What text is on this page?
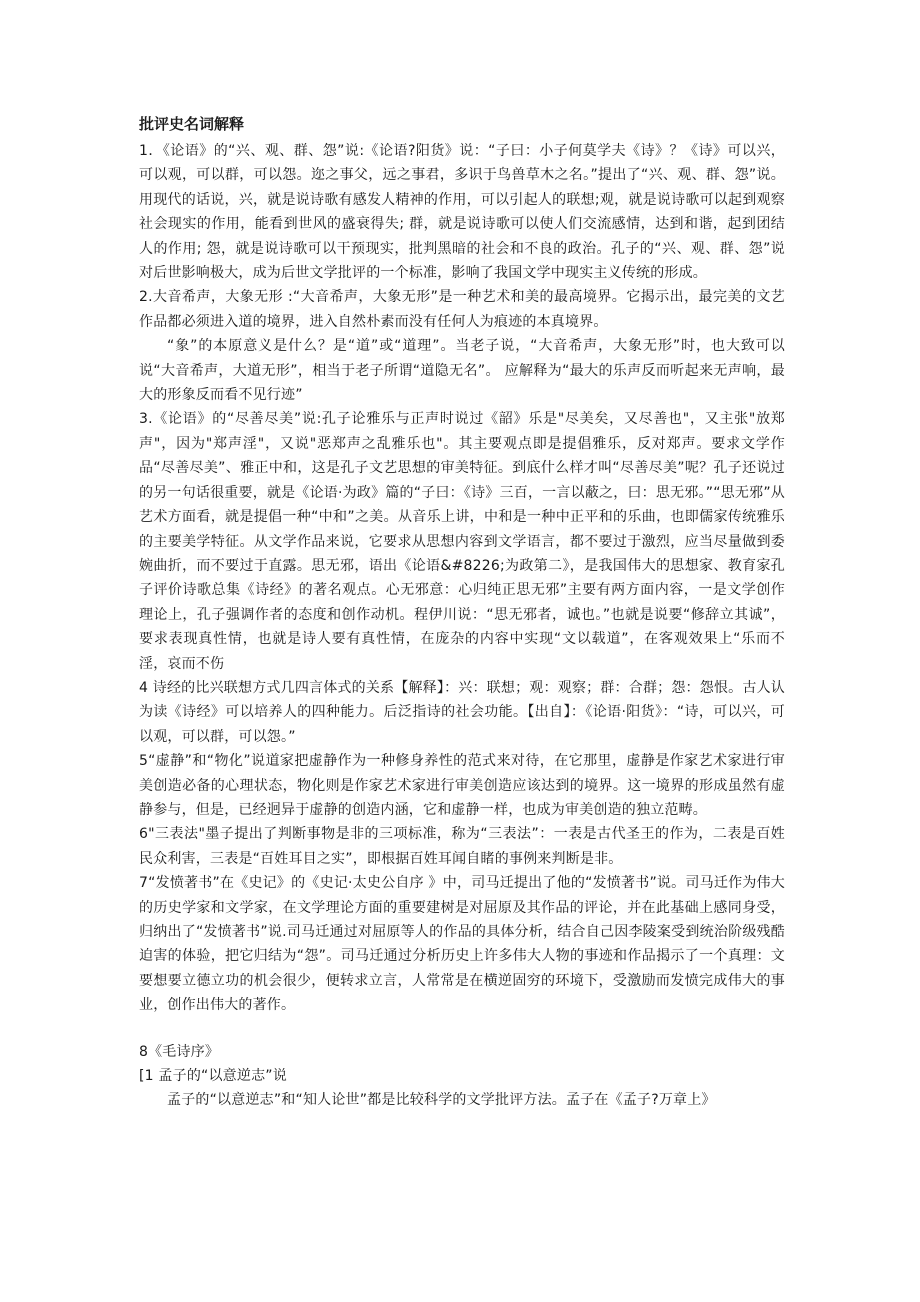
批评史名词解释

1．《论语》的“兴、观、群、怨”说:《论语?阳货》说：“子曰：小子何莫学夫《诗》？《诗》可以兴，可以观，可以群，可以怨。迩之事父，远之事君，多识于鸟兽草木之名。”提出了“兴、观、群、怨”说。用现代的话说，兴，就是说诗歌有感发人精神的作用，可以引起人的联想;观，就是说诗歌可以起到观察社会现实的作用，能看到世风的盛衰得失; 群，就是说诗歌可以使人们交流感情，达到和谐，起到团结人的作用; 怨，就是说诗歌可以干预现实，批判黑暗的社会和不良的政治。孔子的“兴、观、群、怨”说对后世影响极大，成为后世文学批评的一个标准，影响了我国文学中现实主义传统的形成。

2.大音希声，大象无形 :“大音希声，大象无形”是一种艺术和美的最高境界。它揭示出，最完美的文艺作品都必须进入道的境界，进入自然朴素而没有任何人为痕迹的本真境界。

“象”的本原意义是什么？是“道”或“道理”。当老子说，“大音希声，大象无形”时，也大致可以说“大音希声，大道无形”，相当于老子所谓“道隐无名”。 应解释为“最大的乐声反而听起来无声响，最大的形象反而看不见行迹”

3.《论语》的“尽善尽美”说:孔子论雅乐与正声时说过《韶》乐是"尽美矣，又尽善也"，又主张"放郑声"，因为"郑声淫"，又说"恶郑声之乱雅乐也"。其主要观点即是提倡雅乐，反对郑声。要求文学作品“尽善尽美”、雅正中和，这是孔子文艺思想的审美特征。到底什么样才叫“尽善尽美”呢？孔子还说过的另一句话很重要，就是《论语·为政》篇的“子曰：《诗》三百，一言以蔽之，曰：思无邪。”“思无邪”从艺术方面看，就是提倡一种“中和”之美。从音乐上讲，中和是一种中正平和的乐曲，也即儒家传统雅乐的主要美学特征。从文学作品来说，它要求从思想内容到文学语言，都不要过于激烈，应当尽量做到委婉曲折，而不要过于直露。思无邪，语出《论语&#8226;为政第二》，是我国伟大的思想家、教育家孔子评价诗歌总集《诗经》的著名观点。心无邪意：心归纯正思无邪”主要有两方面内容，一是文学创作理论上，孔子强调作者的态度和创作动机。程伊川说：“思无邪者，诚也。”也就是说要“修辞立其诚”，要求表现真性情，也就是诗人要有真性情，在庞杂的内容中实现“文以载道”，在客观效果上“乐而不淫，哀而不伤

4 诗经的比兴联想方式几四言体式的关系【解释】：兴：联想；观：观察；群：合群；怨：怨恨。古人认为读《诗经》可以培养人的四种能力。后泛指诗的社会功能。【出自】：《论语·阳货》：“诗，可以兴，可以观，可以群，可以怨。”

5“虚静”和“物化”说道家把虚静作为一种修身养性的范式来对待，在它那里，虚静是作家艺术家进行审美创造必备的心理状态，物化则是作家艺术家进行审美创造应该达到的境界。这一境界的形成虽然有虚静参与，但是，已经迥异于虚静的创造内涵，它和虚静一样，也成为审美创造的独立范畴。

6"三表法"墨子提出了判断事物是非的三项标准，称为“三表法”：一表是古代圣王的作为，二表是百姓民众利害，三表是“百姓耳目之实”，即根据百姓耳闻自睹的事例来判断是非。

7“发愤著书”在《史记》的《史记·太史公自序 》中，司马迁提出了他的“发愤著书”说。司马迁作为伟大的历史学家和文学家，在文学理论方面的重要建树是对屈原及其作品的评论，并在此基础上感同身受，归纳出了“发愤著书”说.司马迁通过对屈原等人的作品的具体分析，结合自己因李陵案受到统治阶级残酷迫害的体验，把它归结为“怨”。司马迁通过分析历史上许多伟大人物的事迹和作品揭示了一个真理：文要想要立德立功的机会很少，便转求立言，人常常是在横逆固穷的环境下，受激励而发愤完成伟大的事业，创作出伟大的著作。

8《毛诗序》

[1 孟子的“以意逆志”说

孟子的“以意逆志”和“知人论世”都是比较科学的文学批评方法。孟子在《孟子?万章上》
